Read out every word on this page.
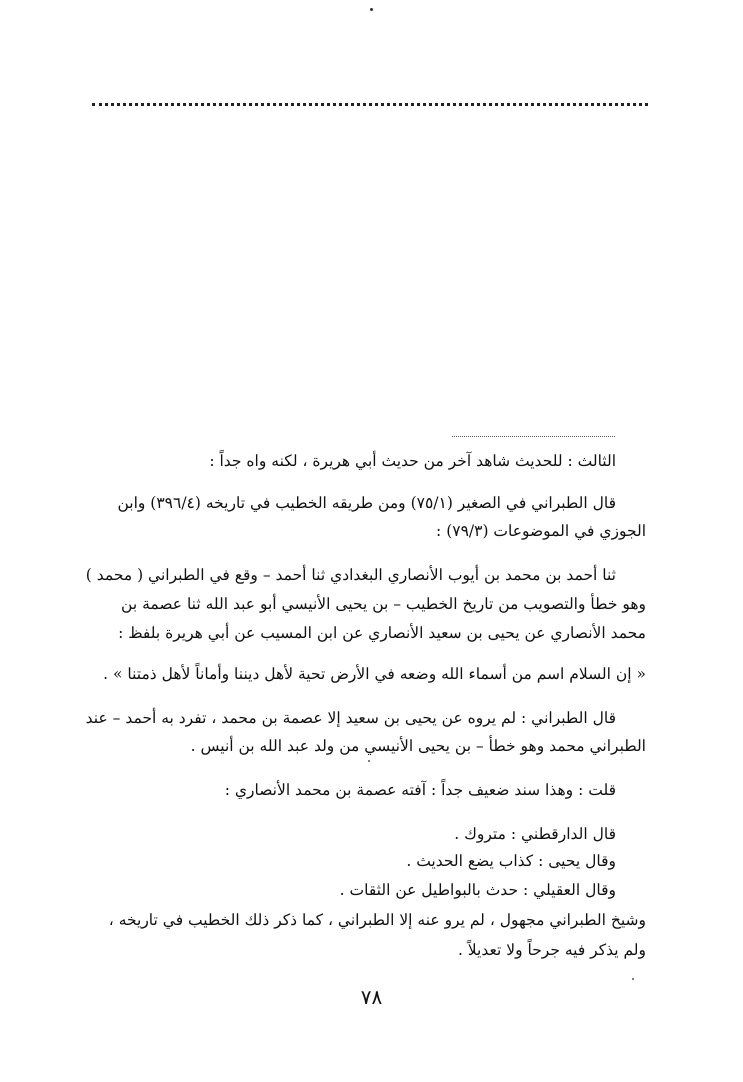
الثالث : للحديث شاهد آخر من حديث أبي هريرة ، لكنه واه جداً :
قال الطبراني في الصغير (٧٥/١) ومن طريقه الخطيب في تاريخه (٣٩٦/٤) وابن
الجوزي في الموضوعات (٧٩/٣) :
ثنا أحمد بن محمد بن أيوب الأنصاري البغدادي ثنا أحمد – وقع في الطبراني ( محمد )
وهو خطأ والتصويب من تاريخ الخطيب – بن يحيى الأنيسي أبو عبد الله ثنا عصمة بن
محمد الأنصاري عن يحيى بن سعيد الأنصاري عن ابن المسيب عن أبي هريرة بلفظ :
« إن السلام اسم من أسماء الله وضعه في الأرض تحية لأهل ديننا وأماناً لأهل ذمتنا » .
قال الطبراني : لم يروه عن يحيى بن سعيد إلا عصمة بن محمد ، تفرد به أحمد – عند
الطبراني محمد وهو خطأ – بن يحيى الأنيسي من ولد عبد الله بن أنيس .
قلت : وهذا سند ضعيف جداً : آفته عصمة بن محمد الأنصاري :
قال الدارقطني : متروك .
وقال يحيى : كذاب يضع الحديث .
وقال العقيلي : حدث بالبواطيل عن الثقات .
وشيخ الطبراني مجهول ، لم يرو عنه إلا الطبراني ، كما ذكر ذلك الخطيب في تاريخه ،
ولم يذكر فيه جرحاً ولا تعديلاً .
٧٨
